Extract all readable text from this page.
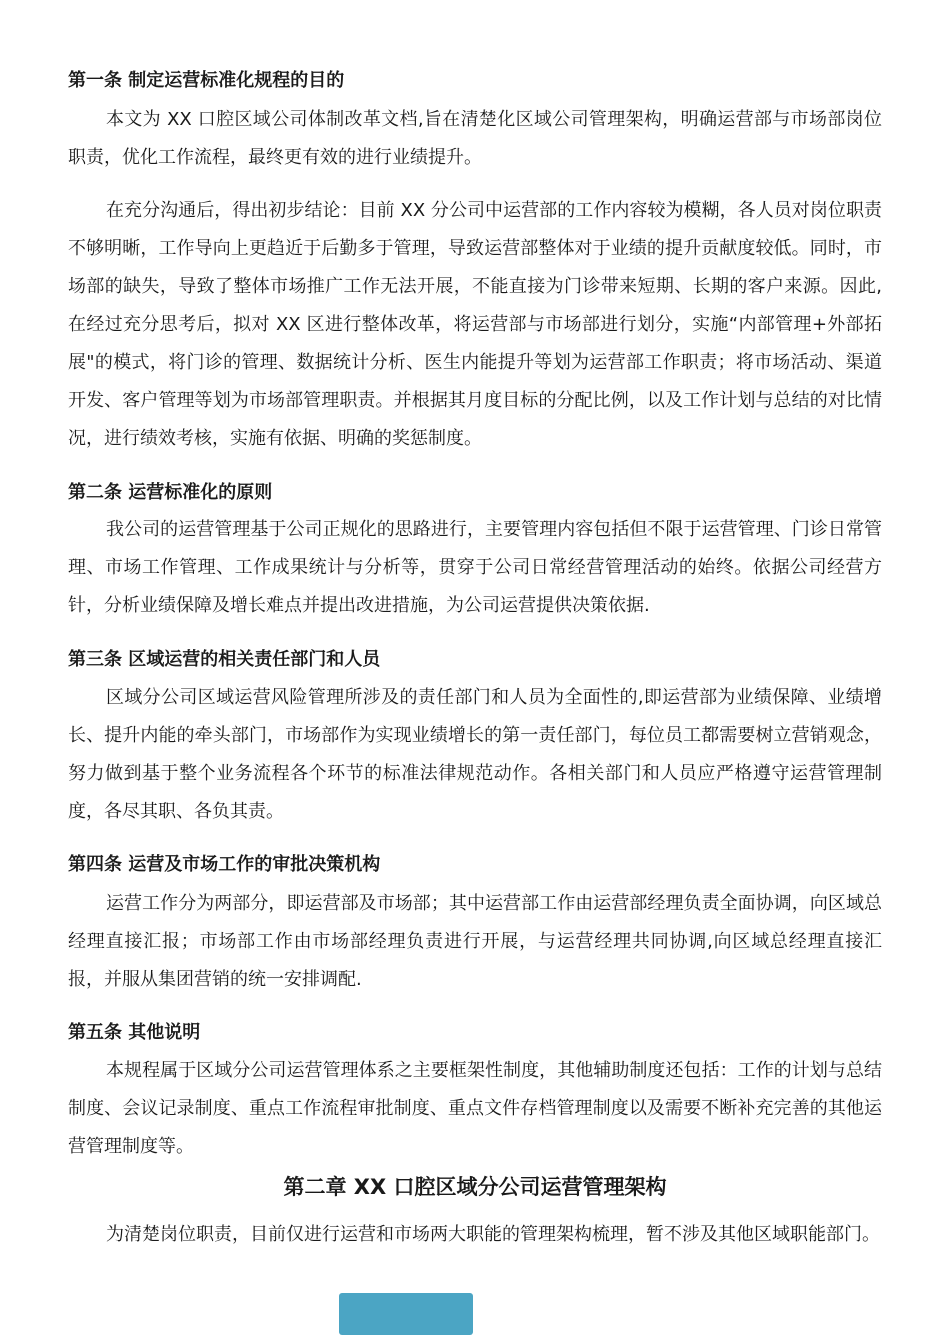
第一条 制定运营标准化规程的目的

本文为 XX 口腔区域公司体制改革文档,旨在清楚化区域公司管理架构，明确运营部与市场部岗位职责，优化工作流程，最终更有效的进行业绩提升。

在充分沟通后，得出初步结论：目前 XX 分公司中运营部的工作内容较为模糊，各人员对岗位职责不够明晰，工作导向上更趋近于后勤多于管理，导致运营部整体对于业绩的提升贡献度较低。同时，市场部的缺失，导致了整体市场推广工作无法开展，不能直接为门诊带来短期、长期的客户来源。因此,在经过充分思考后，拟对 XX 区进行整体改革，将运营部与市场部进行划分，实施“内部管理+外部拓展"的模式，将门诊的管理、数据统计分析、医生内能提升等划为运营部工作职责；将市场活动、渠道开发、客户管理等划为市场部管理职责。并根据其月度目标的分配比例，以及工作计划与总结的对比情况，进行绩效考核，实施有依据、明确的奖惩制度。

第二条 运营标准化的原则

我公司的运营管理基于公司正规化的思路进行，主要管理内容包括但不限于运营管理、门诊日常管理、市场工作管理、工作成果统计与分析等，贯穿于公司日常经营管理活动的始终。依据公司经营方针，分析业绩保障及增长难点并提出改进措施，为公司运营提供决策依据.

第三条 区域运营的相关责任部门和人员

区域分公司区域运营风险管理所涉及的责任部门和人员为全面性的,即运营部为业绩保障、业绩增长、提升内能的牵头部门，市场部作为实现业绩增长的第一责任部门，每位员工都需要树立营销观念，努力做到基于整个业务流程各个环节的标准法律规范动作。各相关部门和人员应严格遵守运营管理制度，各尽其职、各负其责。

第四条 运营及市场工作的审批决策机构

运营工作分为两部分，即运营部及市场部；其中运营部工作由运营部经理负责全面协调，向区域总经理直接汇报；市场部工作由市场部经理负责进行开展，与运营经理共同协调,向区域总经理直接汇报，并服从集团营销的统一安排调配.

第五条 其他说明

本规程属于区域分公司运营管理体系之主要框架性制度，其他辅助制度还包括：工作的计划与总结制度、会议记录制度、重点工作流程审批制度、重点文件存档管理制度以及需要不断补充完善的其他运营管理制度等。

第二章 XX 口腔区域分公司运营管理架构

为清楚岗位职责，目前仅进行运营和市场两大职能的管理架构梳理，暂不涉及其他区域职能部门。
